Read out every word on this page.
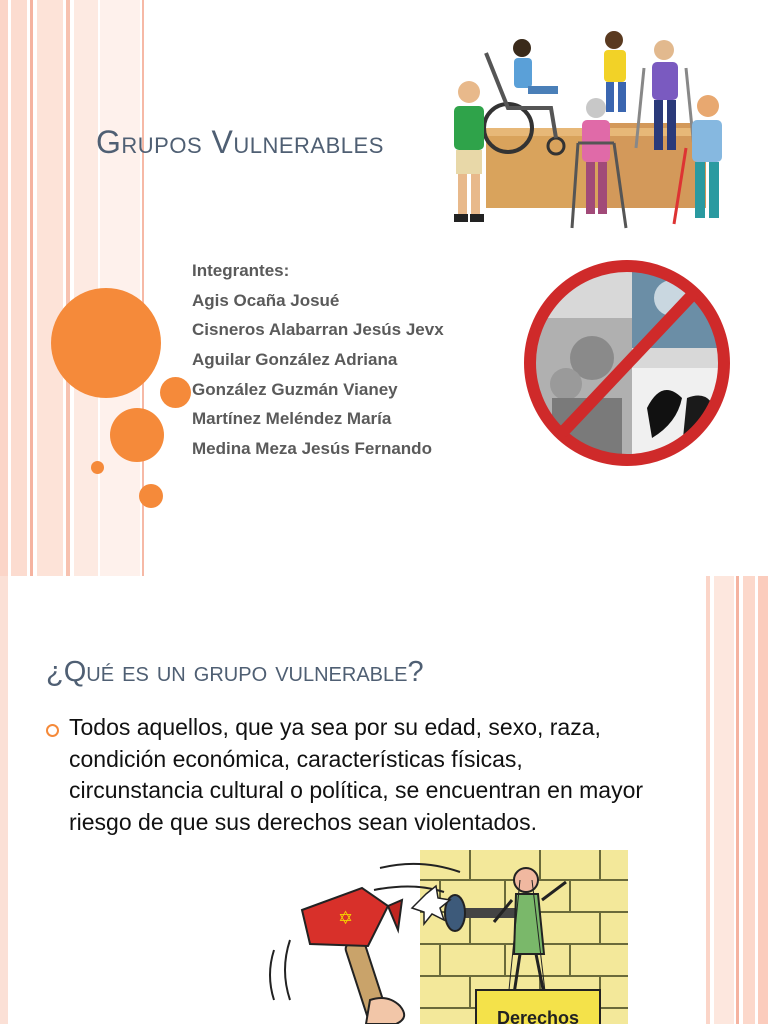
Grupos Vulnerables
Integrantes:
Agis Ocaña Josué
Cisneros Alabarran Jesús Jevx
Aguilar González Adriana
González Guzmán Vianey
Martínez Meléndez María
Medina Meza Jesús Fernando
¿Qué es un grupo vulnerable?

Todos aquellos, que ya sea por su edad, sexo, raza, condición económica, características físicas, circunstancia cultural o política, se encuentran en mayor riesgo de que sus derechos sean violentados.

✡
Derechos
